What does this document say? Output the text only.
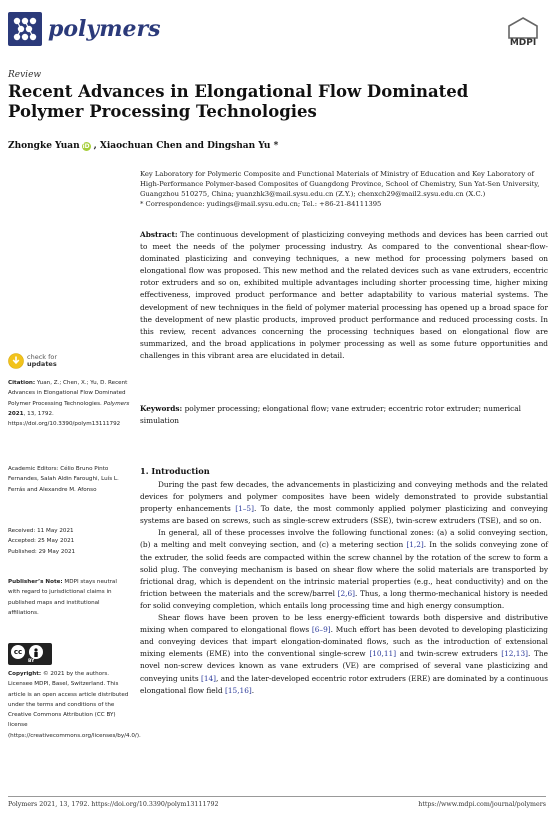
polymers
MDPI
Review
Recent Advances in Elongational Flow Dominated Polymer Processing Technologies
Zhongke Yuan iD , Xiaochuan Chen and Dingshan Yu *
Key Laboratory for Polymeric Composite and Functional Materials of Ministry of Education and Key Laboratory of High-Performance Polymer-based Composites of Guangdong Province, School of Chemistry, Sun Yat-Sen University, Guangzhou 510275, China; yuanzhk3@mail.sysu.edu.cn (Z.Y.); chenxch29@mail2.sysu.edu.cn (X.C.)
* Correspondence: yudings@mail.sysu.edu.cn; Tel.: +86-21-84111395
Abstract: The continuous development of plasticizing conveying methods and devices has been carried out to meet the needs of the polymer processing industry. As compared to the conventional shear-flow-dominated plasticizing and conveying techniques, a new method for processing polymers based on elongational flow was proposed. This new method and the related devices such as vane extruders, eccentric rotor extruders and so on, exhibited multiple advantages including shorter processing time, higher mixing effectiveness, improved product performance and better adaptability to various material systems. The development of new techniques in the field of polymer material processing has opened up a broad space for the development of new plastic products, improved product performance and reduced processing costs. In this review, recent advances concerning the processing techniques based on elongational flow are summarized, and the broad applications in polymer processing as well as some future opportunities and challenges in this vibrant area are elucidated in detail.
Keywords: polymer processing; elongational flow; vane extruder; eccentric rotor extruder; numerical simulation
check for
updates
Citation: Yuan, Z.; Chen, X.; Yu, D. Recent Advances in Elongational Flow Dominated Polymer Processing Technologies. Polymers 2021, 13, 1792. https://doi.org/10.3390/polym13111792
Academic Editors: Célio Bruno Pinto Fernandes, Salah Aldin Faroughi, Luís L. Ferrás and Alexandre M. Afonso
Received: 11 May 2021
Accepted: 25 May 2021
Published: 29 May 2021
Publisher’s Note: MDPI stays neutral with regard to jurisdictional claims in published maps and institutional affiliations.
cc
BY
Copyright: © 2021 by the authors. Licensee MDPI, Basel, Switzerland. This article is an open access article distributed under the terms and conditions of the Creative Commons Attribution (CC BY) license (https://creativecommons.org/licenses/by/4.0/).
1. Introduction

During the past few decades, the advancements in plasticizing and conveying methods and the related devices for polymers and polymer composites have been widely demonstrated to provide substantial property enhancements [1–5]. To date, the most commonly applied polymer plasticizing and conveying systems are based on screws, such as single-screw extruders (SSE), twin-screw extruders (TSE), and so on.

In general, all of these processes involve the following functional zones: (a) a solid conveying section, (b) a melting and melt conveying section, and (c) a metering section [1,2]. In the solids conveying zone of the extruder, the solid feeds are compacted within the screw channel by the rotation of the screw to form a solid plug. The conveying mechanism is based on shear flow where the solid materials are transported by frictional drag, which is dependent on the intrinsic material properties (e.g., heat conductivity) and on the friction between the materials and the screw/barrel [2,6]. Thus, a long thermo-mechanical history is needed for solid conveying completion, which entails long processing time and high energy consumption.

Shear flows have been proven to be less energy-efficient towards both dispersive and distributive mixing when compared to elongational flows [6–9]. Much effort has been devoted to developing plasticizing and conveying devices that impart elongation-dominated flows, such as the introduction of extensional mixing elements (EME) into the conventional single-screw [10,11] and twin-screw extruders [12,13]. The novel non-screw devices known as vane extruders (VE) are comprised of several vane plasticizing and conveying units [14], and the later-developed eccentric rotor extruders (ERE) are dominated by a continuous elongational flow field [15,16].

Polymers 2021, 13, 1792. https://doi.org/10.3390/polym13111792	https://www.mdpi.com/journal/polymers
